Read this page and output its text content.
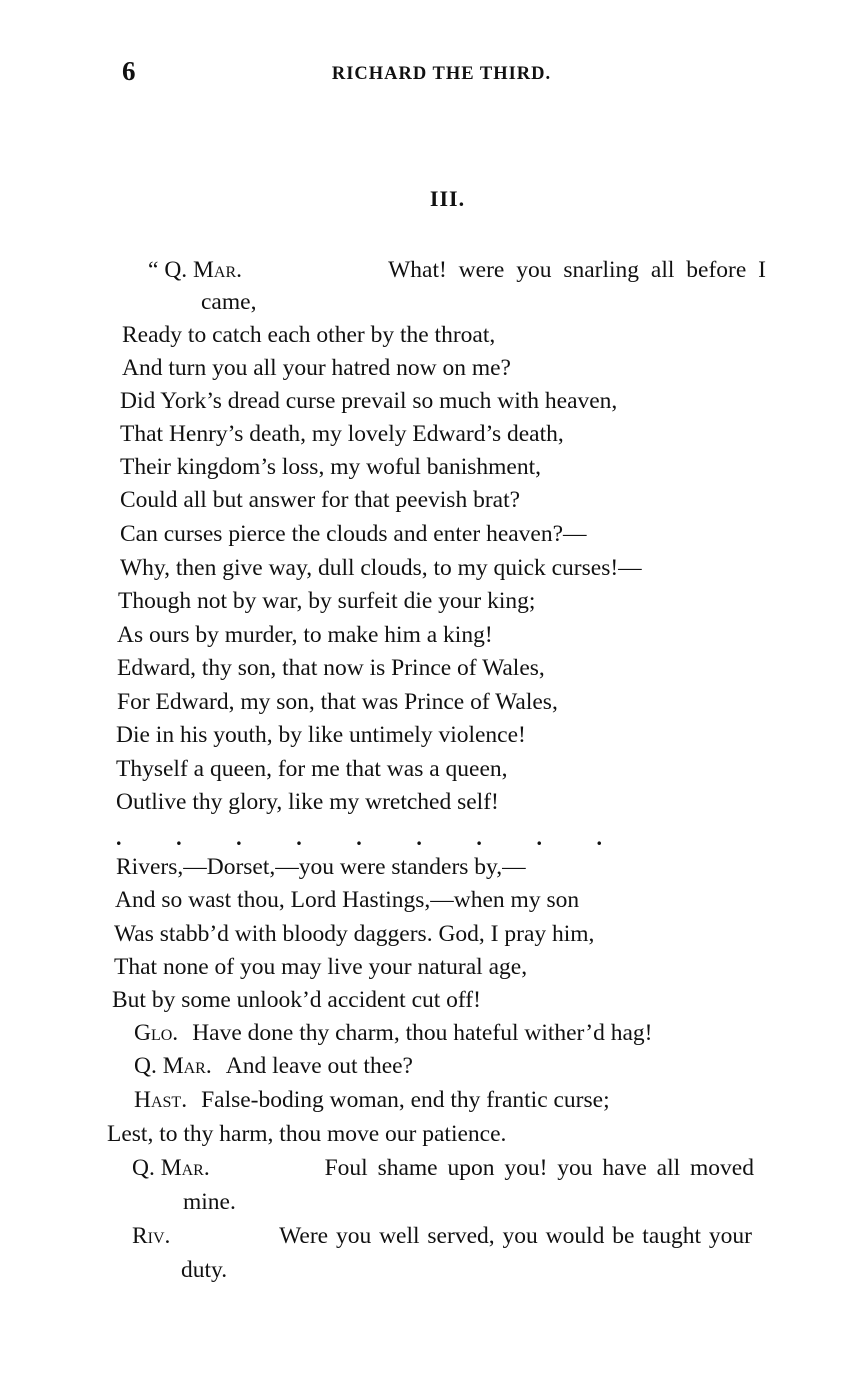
6	RICHARD THE THIRD.
III.
“ Q. Mar.	What! were you snarling all before I
came,
Ready to catch each other by the throat,
And turn you all your hatred now on me?
Did York’s dread curse prevail so much with heaven,
That Henry’s death, my lovely Edward’s death,
Their kingdom’s loss, my woful banishment,
Could all but answer for that peevish brat?
Can curses pierce the clouds and enter heaven?—
Why, then give way, dull clouds, to my quick curses!—
Though not by war, by surfeit die your king;
As ours by murder, to make him a king!
Edward, thy son, that now is Prince of Wales,
For Edward, my son, that was Prince of Wales,
Die in his youth, by like untimely violence!
Thyself a queen, for me that was a queen,
Outlive thy glory, like my wretched self!
. . . . . . . . .
Rivers,—Dorset,—you were standers by,—
And so wast thou, Lord Hastings,—when my son
Was stabb’d with bloody daggers. God, I pray him,
That none of you may live your natural age,
But by some unlook’d accident cut off!
Glo. Have done thy charm, thou hateful wither’d hag!
Q. Mar. And leave out thee?
Hast. False-boding woman, end thy frantic curse;
Lest, to thy harm, thou move our patience.
Q. Mar.	Foul shame upon you! you have all moved
mine.
Riv.	Were you well served, you would be taught your
duty.
